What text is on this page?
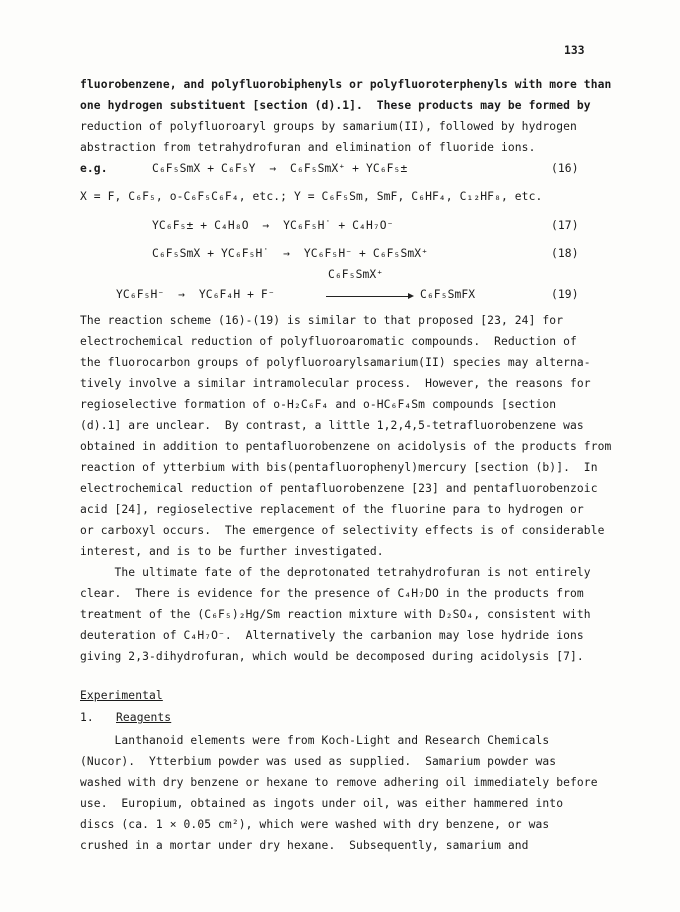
133
fluorobenzene, and polyfluorobiphenyls or polyfluoroterphenyls with more than
one hydrogen substituent [section (d).1].  These products may be formed by
reduction of polyfluoroaryl groups by samarium(II), followed by hydrogen
abstraction from tetrahydrofuran and elimination of fluoride ions.
e.g.	C₆F₅SmX + C₆F₅Y  →  C₆F₅SmX⁺ + YC₆F₅±	(16)
X = F, C₆F₅, o-C₆F₅C₆F₄, etc.; Y = C₆F₅Sm, SmF, C₆HF₄, C₁₂HF₈, etc.
YC₆F₅± + C₄H₈O  →  YC₆F₅H˙ + C₄H₇O⁻	(17)
C₆F₅SmX + YC₆F₅H˙  →  YC₆F₅H⁻ + C₆F₅SmX⁺	(18)
C₆F₅SmX⁺
YC₆F₅H⁻  →  YC₆F₄H + F⁻	C₆F₅SmFX	(19)
The reaction scheme (16)-(19) is similar to that proposed [23, 24] for
electrochemical reduction of polyfluoroaromatic compounds.  Reduction of
the fluorocarbon groups of polyfluoroarylsamarium(II) species may alterna-
tively involve a similar intramolecular process.  However, the reasons for
regioselective formation of o-H₂C₆F₄ and o-HC₆F₄Sm compounds [section
(d).1] are unclear.  By contrast, a little 1,2,4,5-tetrafluorobenzene was
obtained in addition to pentafluorobenzene on acidolysis of the products from
reaction of ytterbium with bis(pentafluorophenyl)mercury [section (b)].  In
electrochemical reduction of pentafluorobenzene [23] and pentafluorobenzoic
acid [24], regioselective replacement of the fluorine para to hydrogen or
or carboxyl occurs.  The emergence of selectivity effects is of considerable
interest, and is to be further investigated.
The ultimate fate of the deprotonated tetrahydrofuran is not entirely
clear.  There is evidence for the presence of C₄H₇DO in the products from
treatment of the (C₆F₅)₂Hg/Sm reaction mixture with D₂SO₄, consistent with
deuteration of C₄H₇O⁻.  Alternatively the carbanion may lose hydride ions
giving 2,3-dihydrofuran, which would be decomposed during acidolysis [7].
Experimental
1. Reagents
Lanthanoid elements were from Koch-Light and Research Chemicals
(Nucor).  Ytterbium powder was used as supplied.  Samarium powder was
washed with dry benzene or hexane to remove adhering oil immediately before
use.  Europium, obtained as ingots under oil, was either hammered into
discs (ca. 1 × 0.05 cm²), which were washed with dry benzene, or was
crushed in a mortar under dry hexane.  Subsequently, samarium and
